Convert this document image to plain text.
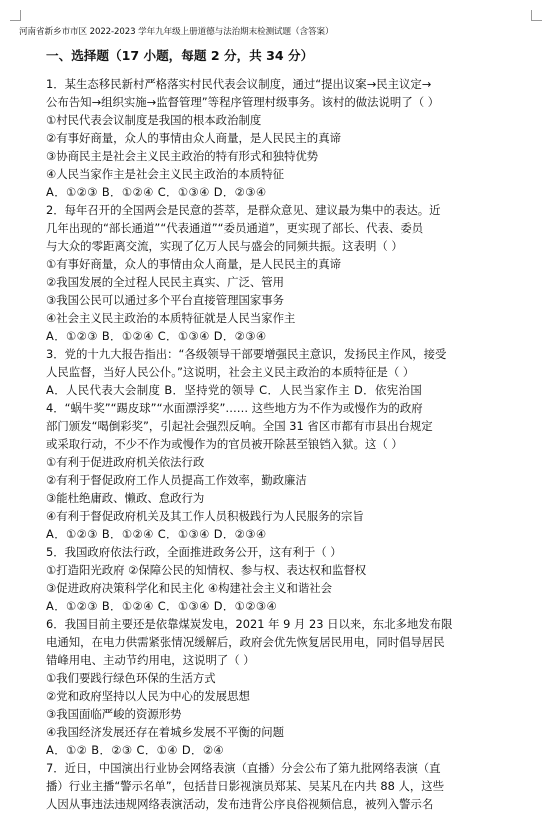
河南省新乡市市区 2022-2023 学年九年级上册道德与法治期末检测试题（含答案）
一、选择题（17 小题，每题 2 分，共 34 分）
1．某生态移民新村严格落实村民代表会议制度，通过“提出议案→民主议定→
公布告知→组织实施→监督管理”等程序管理村级事务。该村的做法说明了（ ）
①村民代表会议制度是我国的根本政治制度
②有事好商量，众人的事情由众人商量，是人民民主的真谛
③协商民主是社会主义民主政治的特有形式和独特优势
④人民当家作主是社会主义民主政治的本质特征
A．①②③ B．①②④ C．①③④ D．②③④
2．每年召开的全国两会是民意的荟萃，是群众意见、建议最为集中的表达。近
几年出现的“部长通道”“代表通道”“委员通道”，更实现了部长、代表、委员
与大众的零距离交流，实现了亿万人民与盛会的同频共振。这表明（ ）
①有事好商量，众人的事情由众人商量，是人民民主的真谛
②我国发展的全过程人民民主真实、广泛、管用
③我国公民可以通过多个平台直接管理国家事务
④社会主义民主政治的本质特征就是人民当家作主
A．①②③ B．①②④ C．①③④ D．②③④
3．党的十九大报告指出：“各级领导干部要增强民主意识，发扬民主作风，接受
人民监督，当好人民公仆。”这说明，社会主义民主政治的本质特征是（ ）
A．人民代表大会制度 B．坚持党的领导 C．人民当家作主 D．依宪治国
4．“蜗牛奖”“踢皮球”“水面漂浮奖”…… 这些地方为不作为或慢作为的政府
部门颁发“喝倒彩奖”，引起社会强烈反响。全国 31 省区市都有市县出台规定
或采取行动，不少不作为或慢作为的官员被开除甚至锒铛入狱。这（ ）
①有利于促进政府机关依法行政
②有利于督促政府工作人员提高工作效率，勤政廉洁
③能杜绝庸政、懒政、怠政行为
④有利于督促政府机关及其工作人员积极践行为人民服务的宗旨
A．①②③ B．①②④ C．①③④ D．②③④
5．我国政府依法行政，全面推进政务公开，这有利于（ ）
①打造阳光政府 ②保障公民的知情权、参与权、表达权和监督权
③促进政府决策科学化和民主化 ④构建社会主义和谐社会
A．①②③ B．①②④ C．①③④ D．①②③④
6．我国目前主要还是依靠煤炭发电，2021 年 9 月 23 日以来，东北多地发布限
电通知，在电力供需紧张情况缓解后，政府会优先恢复居民用电，同时倡导居民
错峰用电、主动节约用电，这说明了（ ）
①我们要践行绿色环保的生活方式
②党和政府坚持以人民为中心的发展思想
③我国面临严峻的资源形势
④我国经济发展还存在着城乡发展不平衡的问题
A．①② B．②③ C．①④ D．②④
7．近日，中国演出行业协会网络表演（直播）分会公布了第九批网络表演（直
播）行业主播“警示名单”，包括昔日影视演员郑某、吴某凡在内共 88 人，这些
人因从事违法违规网络表演活动，发布违背公序良俗视频信息，被列入警示名
